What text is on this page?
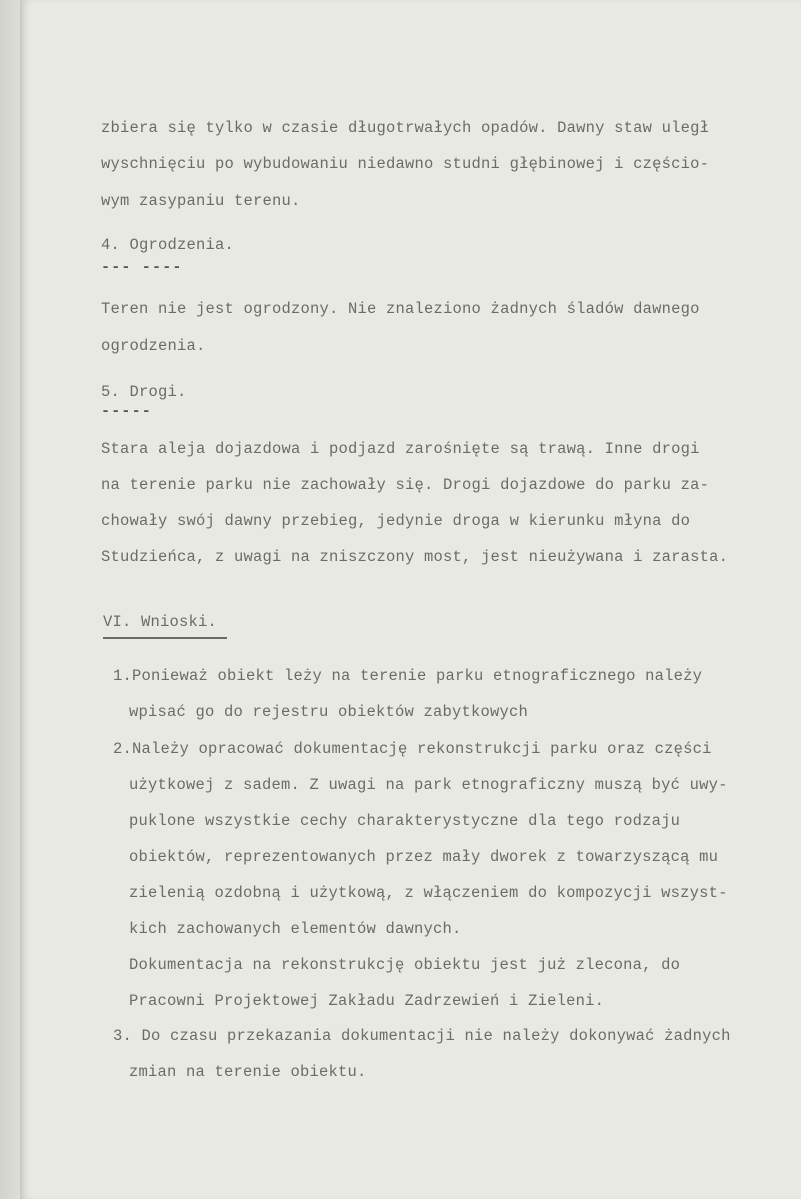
zbiera się tylko w czasie długotrwałych opadów. Dawny staw uległ
wyschnięciu po wybudowaniu niedawno studni głębinowej i częścio-
wym zasypaniu terenu.
4. Ogrodzenia.
--- ----
Teren nie jest ogrodzony. Nie znaleziono żadnych śladów dawnego
ogrodzenia.
5. Drogi.
-----
Stara aleja dojazdowa i podjazd zarośnięte są trawą. Inne drogi
na terenie parku nie zachowały się. Drogi dojazdowe do parku za-
chowały swój dawny przebieg, jedynie droga w kierunku młyna do
Studzieńca, z uwagi na zniszczony most, jest nieużywana i zarasta.
VI. Wnioski.
1.Ponieważ obiekt leży na terenie parku etnograficznego należy
wpisać go do rejestru obiektów zabytkowych
2.Należy opracować dokumentację rekonstrukcji parku oraz części
użytkowej z sadem. Z uwagi na park etnograficzny muszą być uwy-
puklone wszystkie cechy charakterystyczne dla tego rodzaju
obiektów, reprezentowanych przez mały dworek z towarzyszącą mu
zielenią ozdobną i użytkową, z włączeniem do kompozycji wszyst-
kich zachowanych elementów dawnych.
Dokumentacja na rekonstrukcję obiektu jest już zlecona, do
Pracowni Projektowej Zakładu Zadrzewień i Zieleni.
3. Do czasu przekazania dokumentacji nie należy dokonywać żadnych
zmian na terenie obiektu.
